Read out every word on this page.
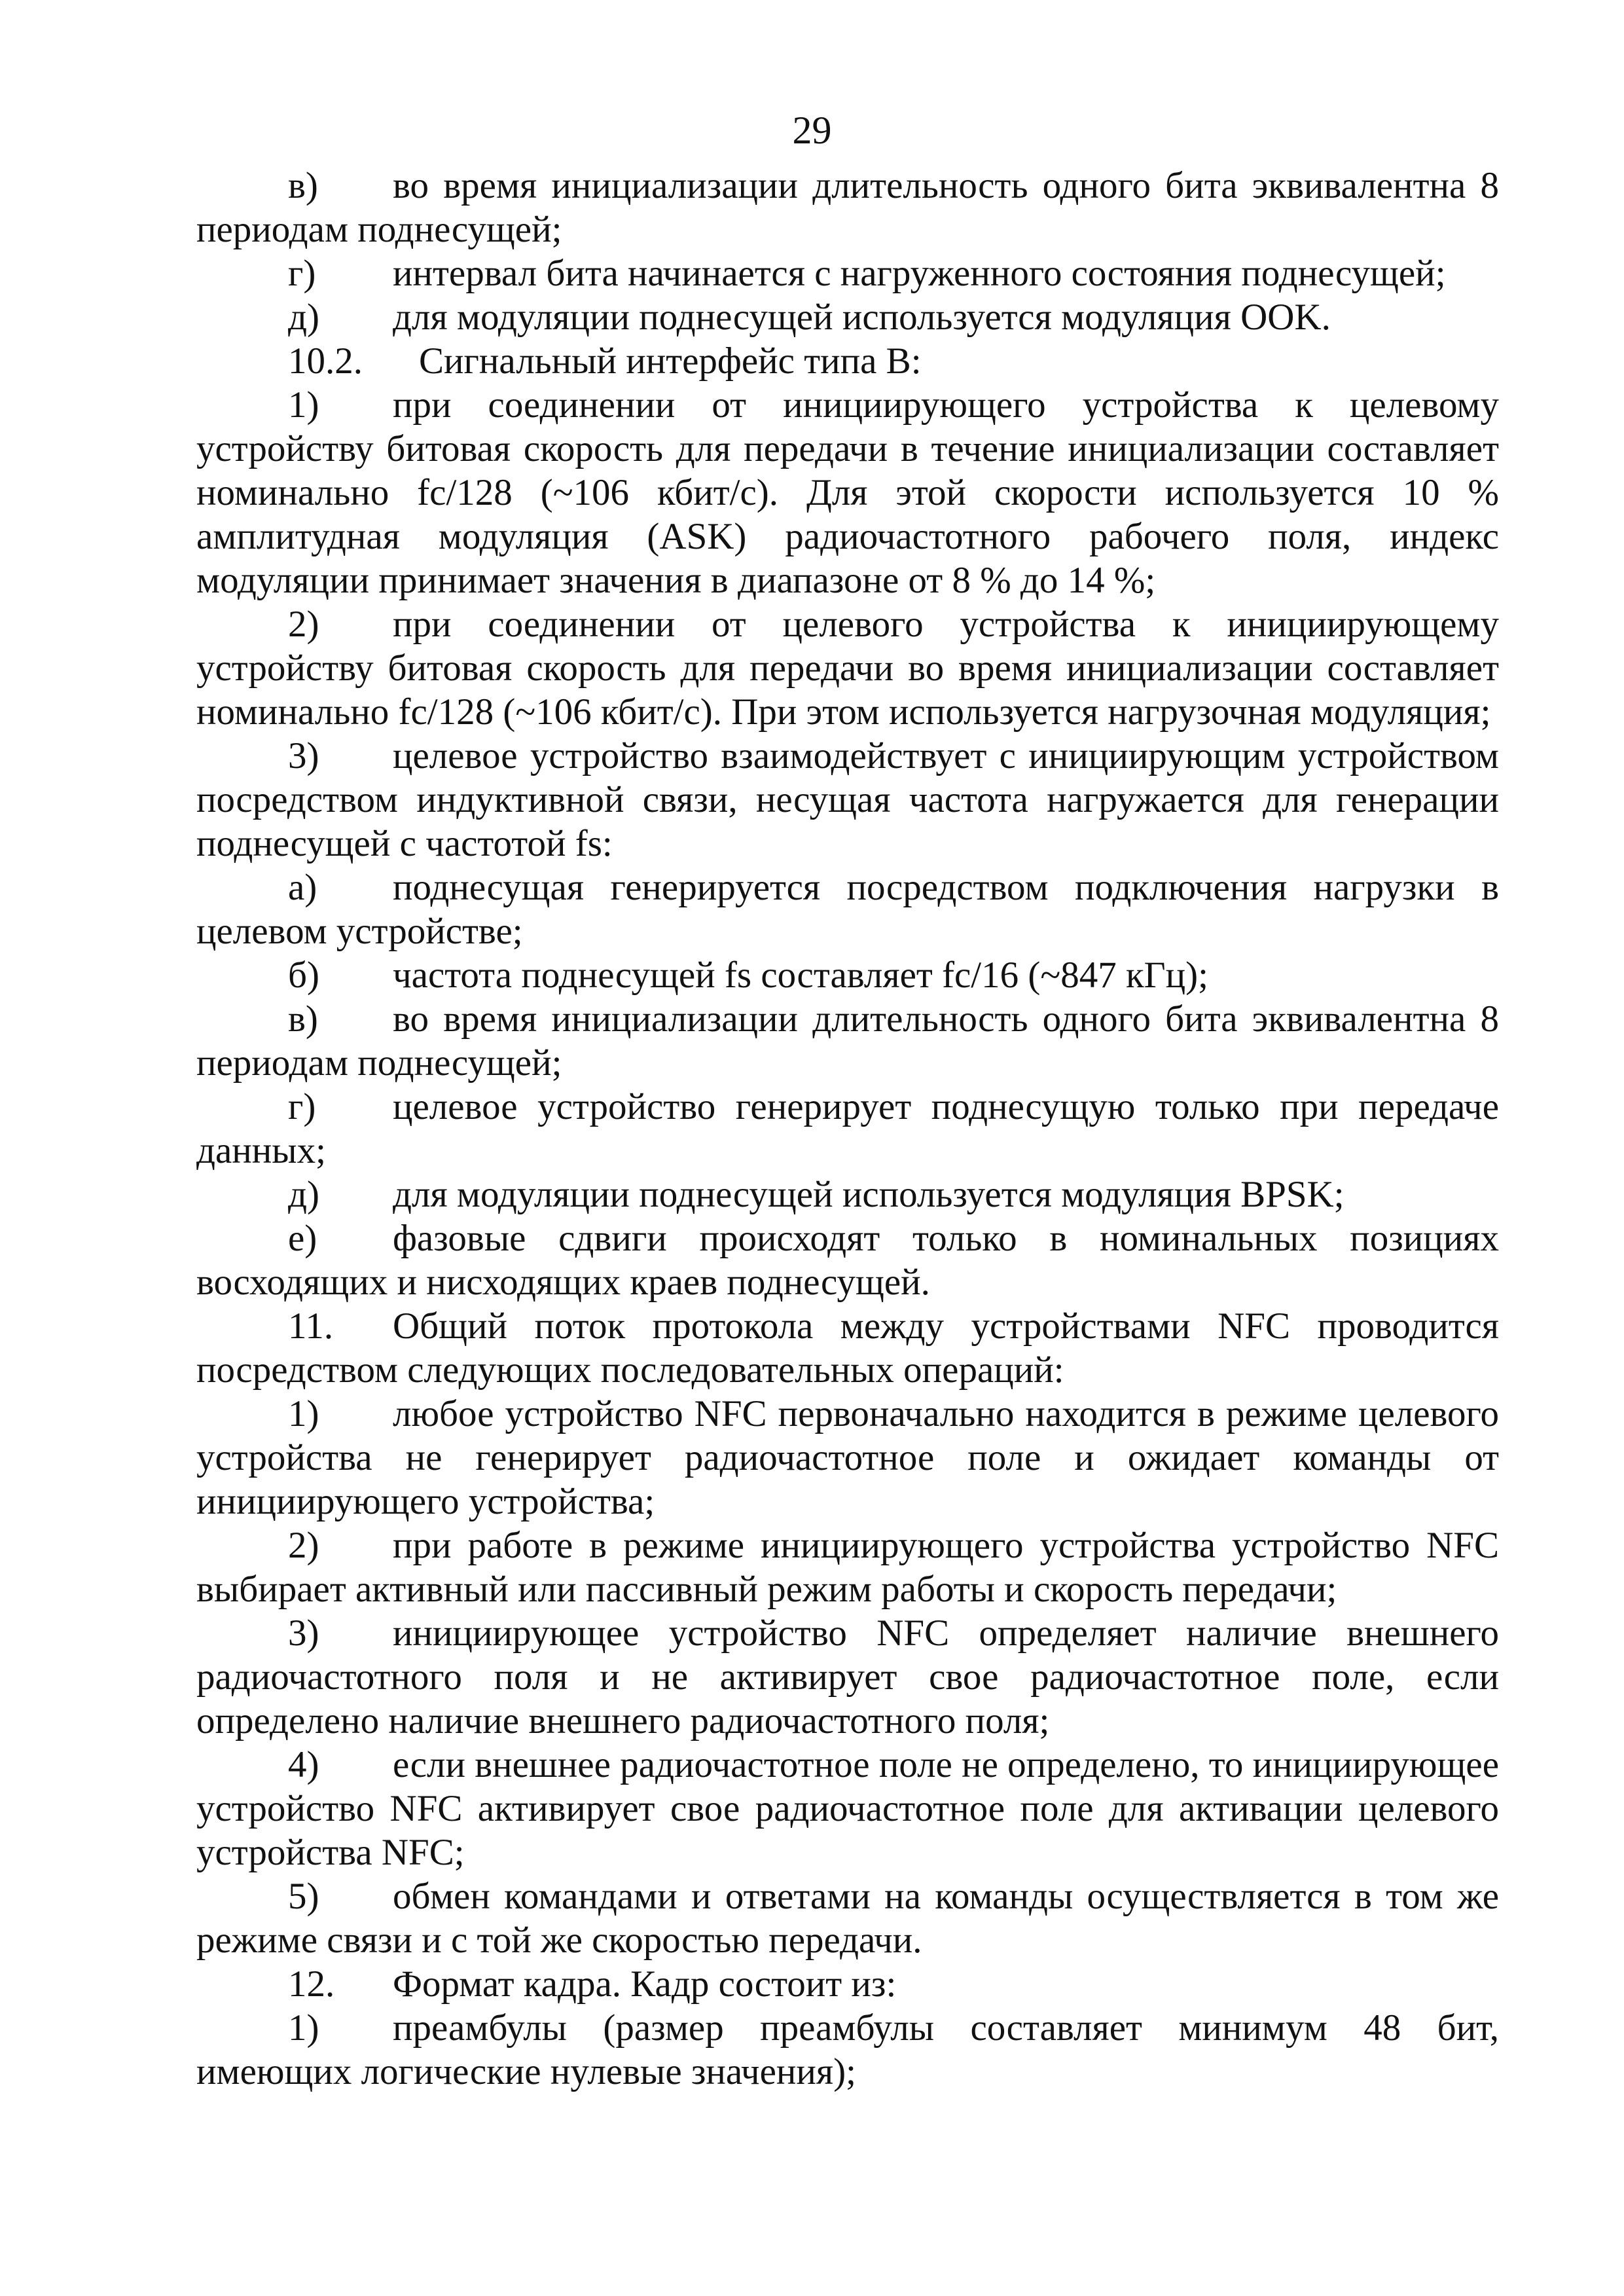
29

в) во время инициализации длительность одного бита эквивалентна 8 периодам поднесущей;

г) интервал бита начинается с нагруженного состояния поднесущей;

д) для модуляции поднесущей используется модуляция OOK.

10.2. Сигнальный интерфейс типа B:

1) при соединении от инициирующего устройства к целевому устройству битовая скорость для передачи в течение инициализации составляет номинально fc/128 (~106 кбит/с). Для этой скорости используется 10 % амплитудная модуляция (ASK) радиочастотного рабочего поля, индекс модуляции принимает значения в диапазоне от 8 % до 14 %;

2) при соединении от целевого устройства к инициирующему устройству битовая скорость для передачи во время инициализации составляет номинально fc/128 (~106 кбит/с). При этом используется нагрузочная модуляция;

3) целевое устройство взаимодействует с инициирующим устройством посредством индуктивной связи, несущая частота нагружается для генерации поднесущей с частотой fs:

а) поднесущая генерируется посредством подключения нагрузки в целевом устройстве;

б) частота поднесущей fs составляет fc/16 (~847 кГц);

в) во время инициализации длительность одного бита эквивалентна 8 периодам поднесущей;

г) целевое устройство генерирует поднесущую только при передаче данных;

д) для модуляции поднесущей используется модуляция BPSK;

е) фазовые сдвиги происходят только в номинальных позициях восходящих и нисходящих краев поднесущей.

11. Общий поток протокола между устройствами NFC проводится посредством следующих последовательных операций:

1) любое устройство NFC первоначально находится в режиме целевого устройства не генерирует радиочастотное поле и ожидает команды от инициирующего устройства;

2) при работе в режиме инициирующего устройства устройство NFC выбирает активный или пассивный режим работы и скорость передачи;

3) инициирующее устройство NFC определяет наличие внешнего радиочастотного поля и не активирует свое радиочастотное поле, если определено наличие внешнего радиочастотного поля;

4) если внешнее радиочастотное поле не определено, то инициирующее устройство NFC активирует свое радиочастотное поле для активации целевого устройства NFC;

5) обмен командами и ответами на команды осуществляется в том же режиме связи и с той же скоростью передачи.

12. Формат кадра. Кадр состоит из:

1) преамбулы (размер преамбулы составляет минимум 48 бит, имеющих логические нулевые значения);
